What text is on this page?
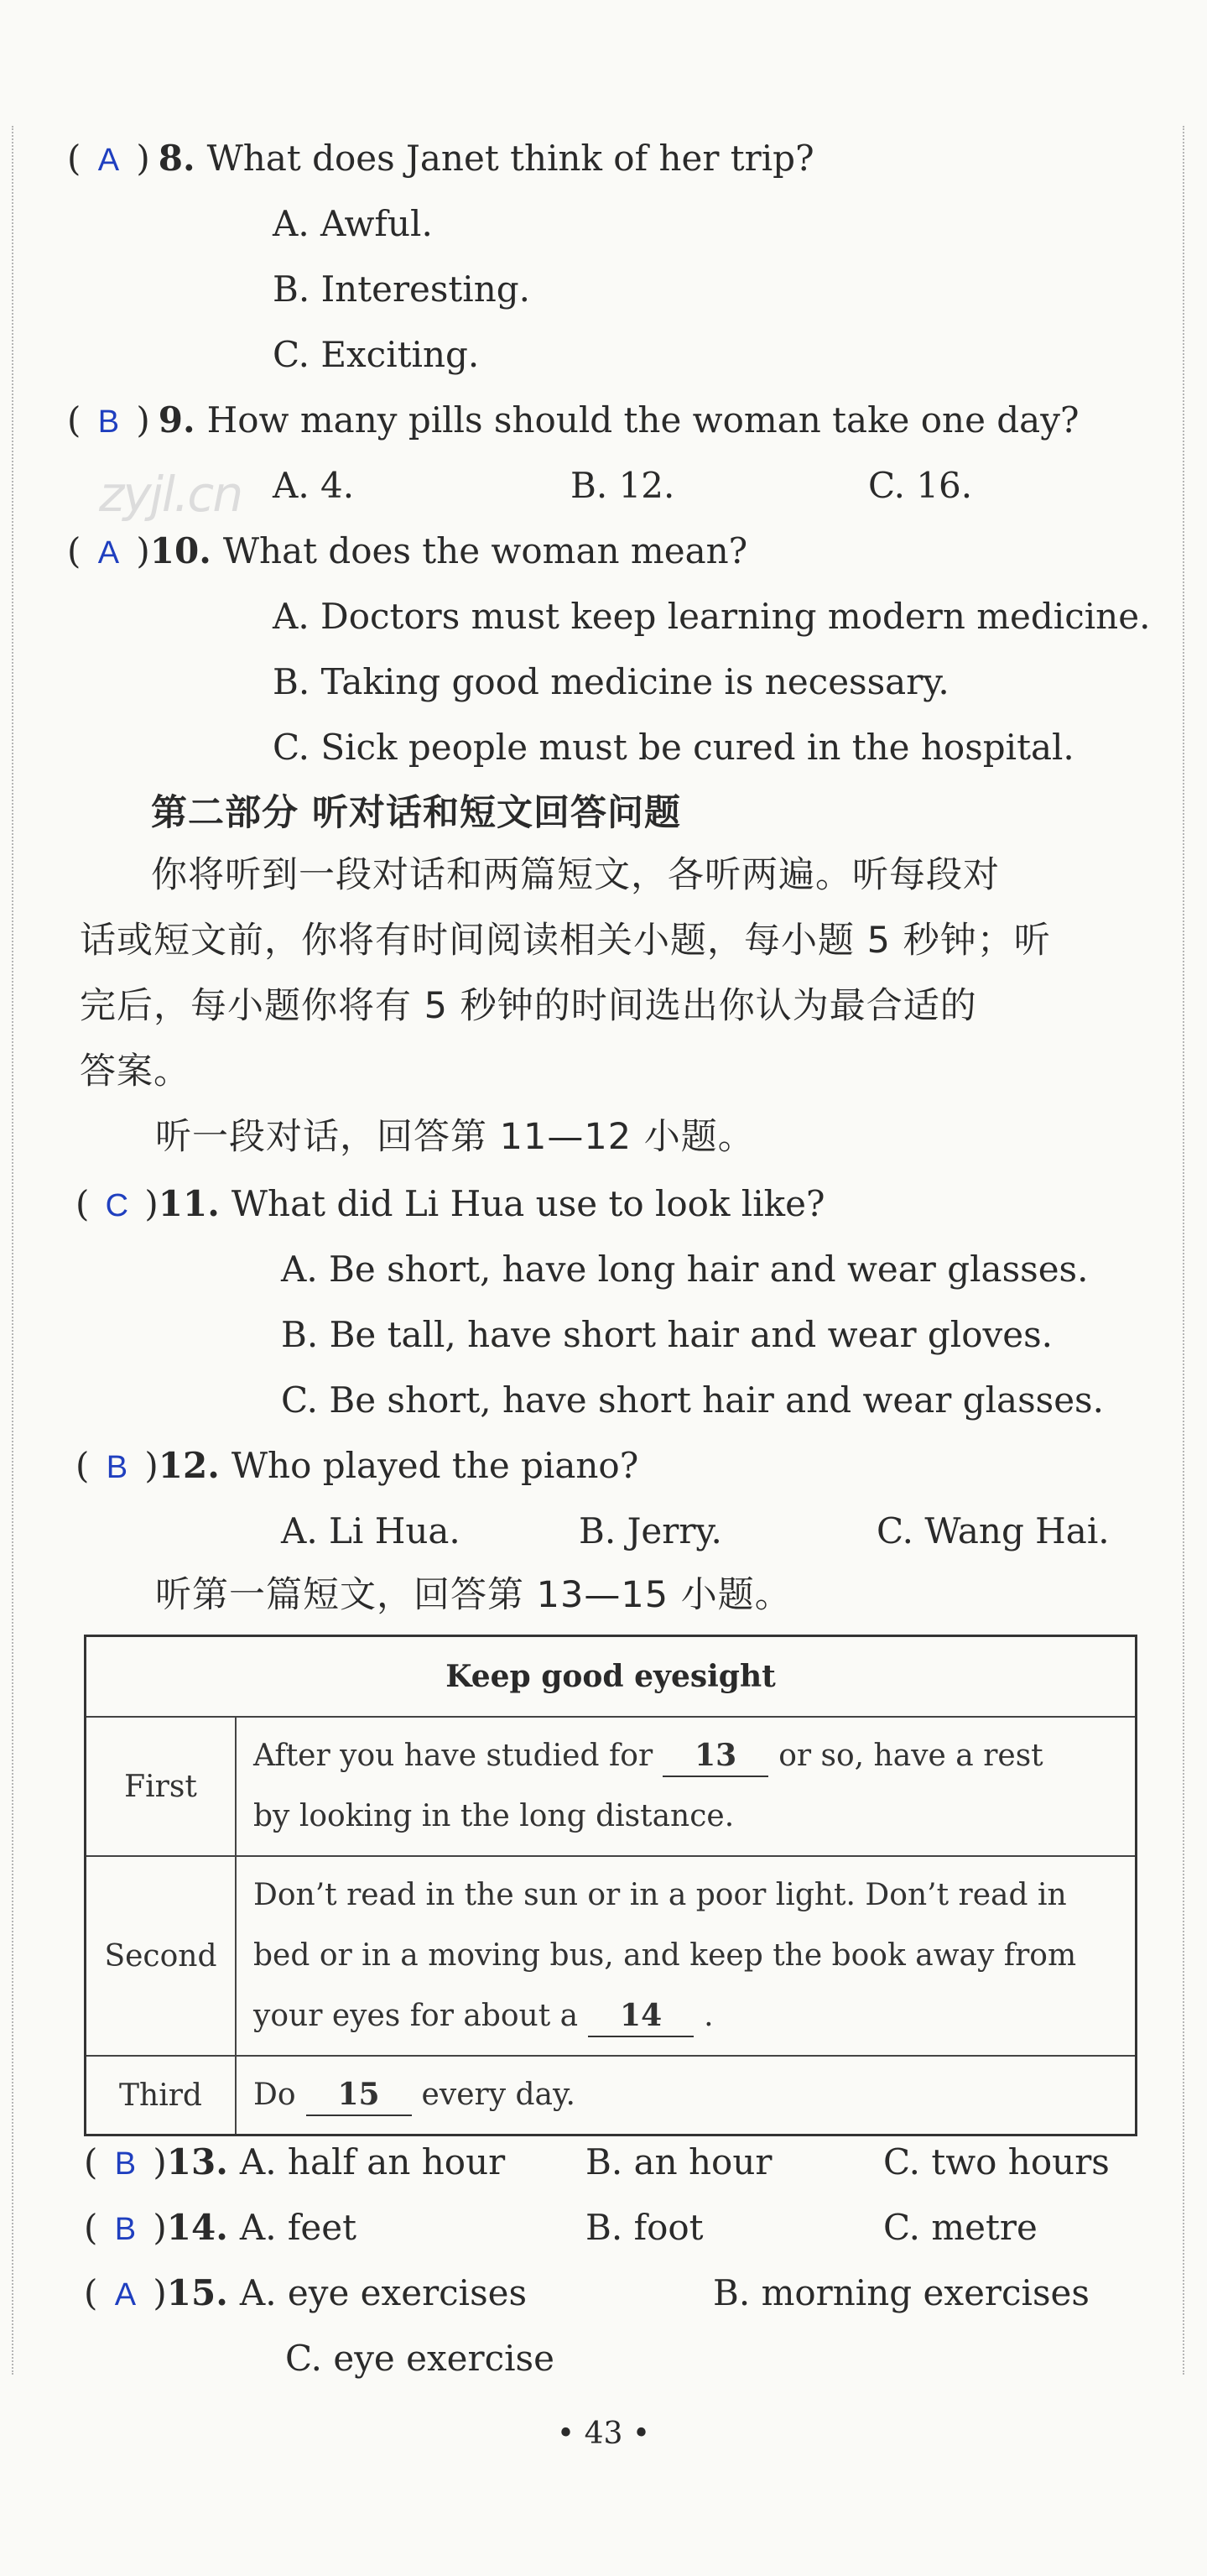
zyjl.cn
( A ) 8. What does Janet think of her trip?
A. Awful.
B. Interesting.
C. Exciting.
( B ) 9. How many pills should the woman take one day?
A. 4.	B. 12.	C. 16.
( A )10. What does the woman mean?
A. Doctors must keep learning modern medicine.
B. Taking good medicine is necessary.
C. Sick people must be cured in the hospital.
第二部分 听对话和短文回答问题
你将听到一段对话和两篇短文，各听两遍。听每段对
话或短文前，你将有时间阅读相关小题，每小题 5 秒钟；听
完后，每小题你将有 5 秒钟的时间选出你认为最合适的
答案。
听一段对话，回答第 11—12 小题。
( C )11. What did Li Hua use to look like?
A. Be short, have long hair and wear glasses.
B. Be tall, have short hair and wear gloves.
C. Be short, have short hair and wear glasses.
( B )12. Who played the piano?
A. Li Hua.	B. Jerry.	C. Wang Hai.
听第一篇短文，回答第 13—15 小题。
Keep good eyesight	
First	After you have studied for 13 or so, have a rest
by looking in the long distance.
Second	Don’t read in the sun or in a poor light. Don’t read in
bed or in a moving bus, and keep the book away from
your eyes for about a 14 .
Third	Do 15 every day.
( B )13. A. half an hour B. an hour	C. two hours
( B )14. A. feet	B. foot	C. metre
( A )15. A. eye exercises	B. morning exercises
C. eye exercise
• 43 •
